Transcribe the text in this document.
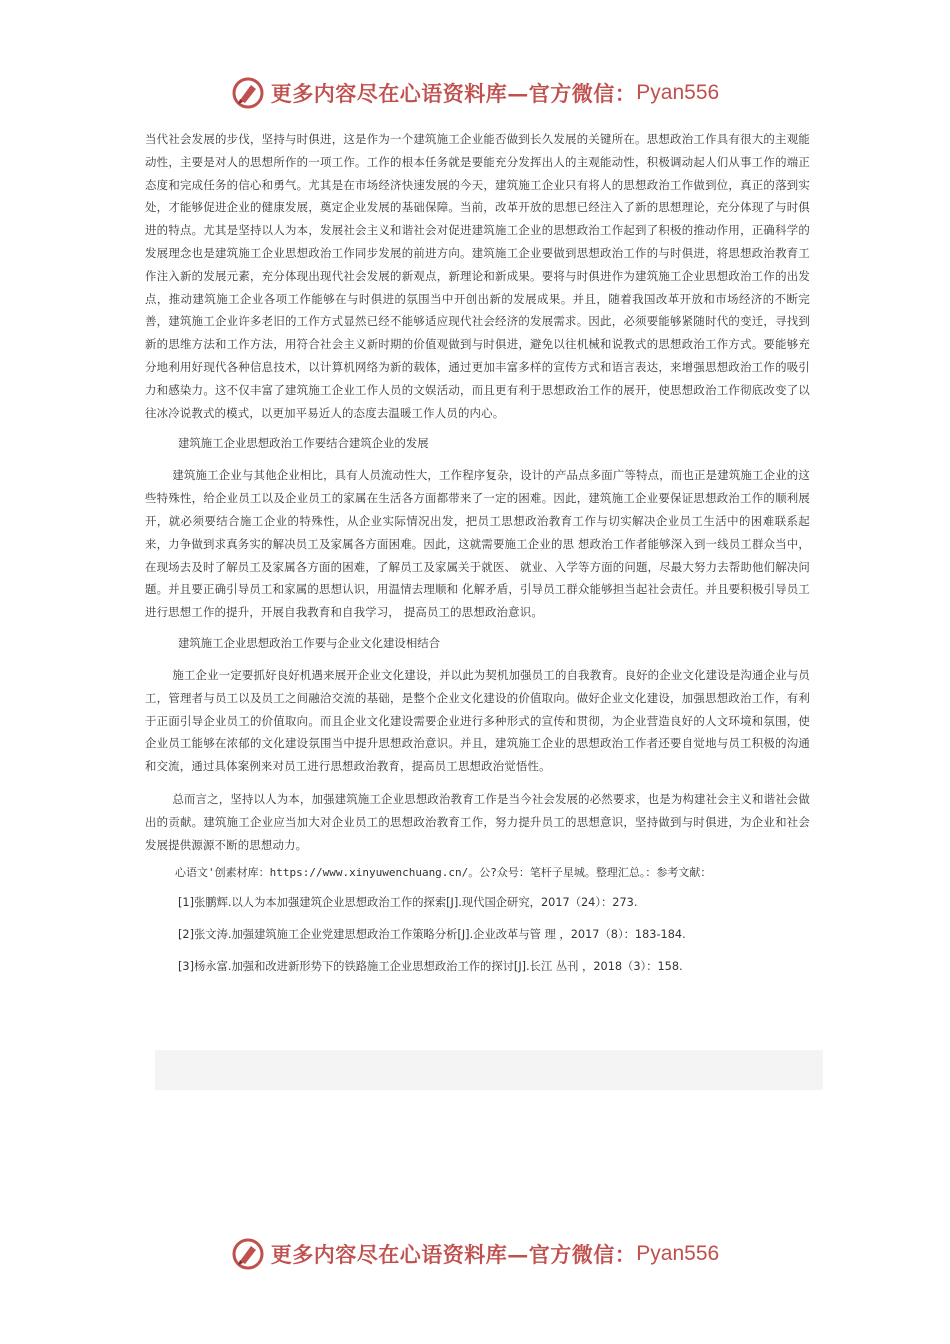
更多内容尽在心语资料库—官方微信： Pyan556

当代社会发展的步伐，坚持与时俱进，这是作为一个建筑施工企业能否做到长久发展的关键所在。思想政治工作具有很大的主观能动性，主要是对人的思想所作的一项工作。工作的根本任务就是要能充分发挥出人的主观能动性，积极调动起人们从事工作的端正态度和完成任务的信心和勇气。尤其是在市场经济快速发展的今天，建筑施工企业只有将人的思想政治工作做到位，真正的落到实处，才能够促进企业的健康发展，奠定企业发展的基础保障。当前，改革开放的思想已经注入了新的思想理论，充分体现了与时俱进的特点。尤其是坚持以人为本，发展社会主义和谐社会对促进建筑施工企业的思想政治工作起到了积极的推动作用，正确科学的发展理念也是建筑施工企业思想政治工作同步发展的前进方向。建筑施工企业要做到思想政治工作的与时俱进，将思想政治教育工作注入新的发展元素，充分体现出现代社会发展的新观点，新理论和新成果。要将与时俱进作为建筑施工企业思想政治工作的出发点，推动建筑施工企业各项工作能够在与时俱进的氛围当中开创出新的发展成果。并且，随着我国改革开放和市场经济的不断完善，建筑施工企业许多老旧的工作方式显然已经不能够适应现代社会经济的发展需求。因此，必须要能够紧随时代的变迁，寻找到新的思维方法和工作方法，用符合社会主义新时期的价值观做到与时俱进，避免以往机械和说教式的思想政治工作方式。要能够充分地利用好现代各种信息技术，以计算机网络为新的载体，通过更加丰富多样的宣传方式和语言表达，来增强思想政治工作的吸引力和感染力。这不仅丰富了建筑施工企业工作人员的文娱活动，而且更有利于思想政治工作的展开，使思想政治工作彻底改变了以往冰冷说教式的模式，以更加平易近人的态度去温暖工作人员的内心。

建筑施工企业思想政治工作要结合建筑企业的发展

建筑施工企业与其他企业相比，具有人员流动性大，工作程序复杂，设计的产品点多面广等特点，而也正是建筑施工企业的这些特殊性，给企业员工以及企业员工的家属在生活各方面都带来了一定的困难。因此，建筑施工企业要保证思想政治工作的顺利展开，就必须要结合施工企业的特殊性，从企业实际情况出发，把员工思想政治教育工作与切实解决企业员工生活中的困难联系起来，力争做到求真务实的解决员工及家属各方面困难。因此，这就需要施工企业的思 想政治工作者能够深入到一线员工群众当中，在现场去及时了解员工及家属各方面的困难，了解员工及家属关于就医、 就业、入学等方面的问题，尽最大努力去帮助他们解决问题。并且要正确引导员工和家属的思想认识，用温情去理顺和 化解矛盾，引导员工群众能够担当起社会责任。并且要积极引导员工进行思想工作的提升，开展自我教育和自我学习， 提高员工的思想政治意识。

建筑施工企业思想政治工作要与企业文化建设相结合

施工企业一定要抓好良好机遇来展开企业文化建设，并以此为契机加强员工的自我教育。良好的企业文化建设是沟通企业与员工，管理者与员工以及员工之间融洽交流的基础，是整个企业文化建设的价值取向。做好企业文化建设，加强思想政治工作，有利于正面引导企业员工的价值取向。而且企业文化建设需要企业进行多种形式的宣传和贯彻，为企业营造良好的人文环境和氛围，使企业员工能够在浓郁的文化建设氛围当中提升思想政治意识。并且，建筑施工企业的思想政治工作者还要自觉地与员工积极的沟通和交流，通过具体案例来对员工进行思想政治教育，提高员工思想政治觉悟性。

总而言之，坚持以人为本，加强建筑施工企业思想政治教育工作是当今社会发展的必然要求，也是为构建社会主义和谐社会做出的贡献。建筑施工企业应当加大对企业员工的思想政治教育工作，努力提升员工的思想意识，坚持做到与时俱进，为企业和社会发展提供源源不断的思想动力。

心语文'创素材库：https://www.xinyuwenchuang.cn/。公?众号：笔杆子星城。整理汇总。：参考文献：

[1]张鹏辉.以人为本加强建筑企业思想政治工作的探索[J].现代国企研究，2017（24）：273.

[2]张文涛.加强建筑施工企业党建思想政治工作策略分析[J].企业改革与管 理 ，2017（8）：183-184.

[3]杨永富.加强和改进新形势下的铁路施工企业思想政治工作的探讨[J].长江 丛刊 ，2018（3）：158.

更多内容尽在心语资料库—官方微信： Pyan556
